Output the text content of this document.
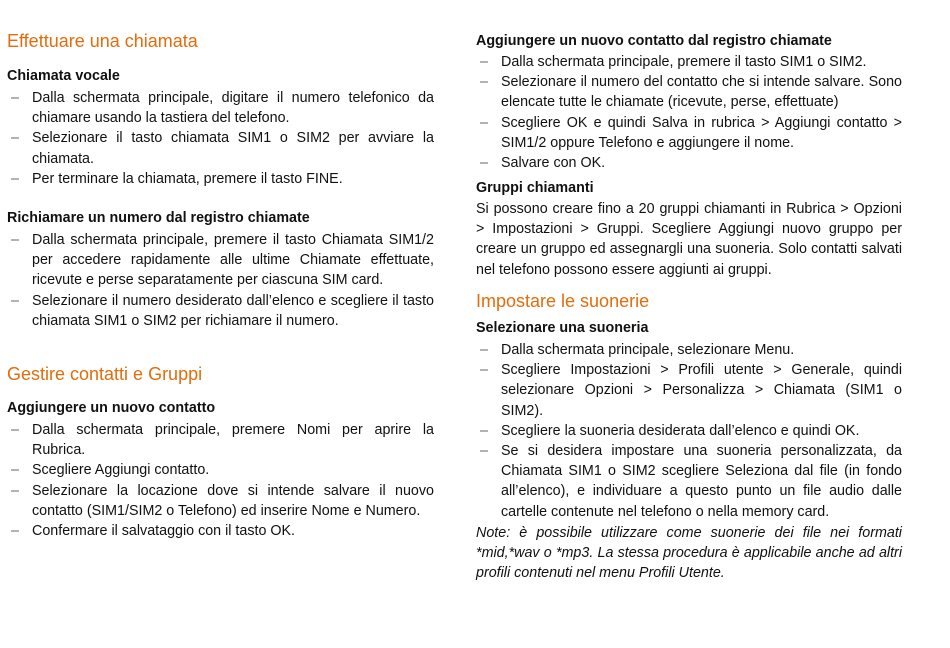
Effettuare una chiamata
Chiamata vocale
– Dalla schermata principale, digitare il numero telefonico da chiamare usando la tastiera del telefono.
– Selezionare il tasto chiamata SIM1 o SIM2 per avviare la chiamata.
– Per terminare la chiamata, premere il tasto FINE.
Richiamare un numero dal registro chiamate
– Dalla schermata principale, premere il tasto Chiamata SIM1/2 per accedere rapidamente alle ultime Chiamate effettuate, ricevute e perse separatamente per ciascuna SIM card.
– Selezionare il numero desiderato dall’elenco e scegliere il tasto chiamata SIM1 o SIM2 per richiamare il numero.
Gestire contatti e Gruppi
Aggiungere un nuovo contatto
– Dalla schermata principale, premere Nomi per aprire la Rubrica.
– Scegliere Aggiungi contatto.
– Selezionare la locazione dove si intende salvare il nuovo contatto (SIM1/SIM2 o Telefono) ed inserire Nome e Numero.
– Confermare il salvataggio con il tasto OK.
Aggiungere un nuovo contatto dal registro chiamate
– Dalla schermata principale, premere il tasto SIM1 o SIM2.
– Selezionare il numero del contatto che si intende salvare. Sono elencate tutte le chiamate (ricevute, perse, effettuate)
– Scegliere OK e quindi Salva in rubrica > Aggiungi contatto > SIM1/2 oppure Telefono e aggiungere il nome.
– Salvare con OK.
Gruppi chiamanti
Si possono creare fino a 20 gruppi chiamanti in Rubrica > Opzioni > Impostazioni > Gruppi. Scegliere Aggiungi nuovo gruppo per creare un gruppo ed assegnargli una suoneria. Solo contatti salvati nel telefono possono essere aggiunti ai gruppi.
Impostare le suonerie
Selezionare una suoneria
– Dalla schermata principale, selezionare Menu.
– Scegliere Impostazioni > Profili utente > Generale, quindi selezionare Opzioni > Personalizza > Chiamata (SIM1 o SIM2).
– Scegliere la suoneria desiderata dall’elenco e quindi OK.
– Se si desidera impostare una suoneria personalizzata, da Chiamata SIM1 o SIM2 scegliere Seleziona dal file (in fondo all’elenco), e individuare a questo punto un file audio dalle cartelle contenute nel telefono o nella memory card.
Note: è possibile utilizzare come suonerie dei file nei formati *mid,*wav o *mp3. La stessa procedura è applicabile anche ad altri profili contenuti nel menu Profili Utente.
